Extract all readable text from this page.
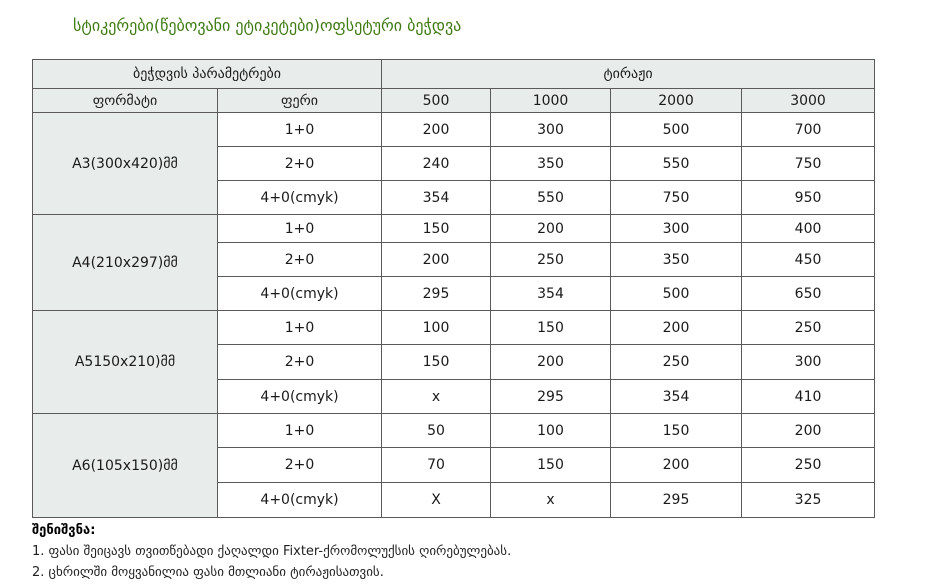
სტიკერები(წებოვანი ეტიკეტები)ოფსეტური ბეჭდვა
ბეჭდვის პარამეტრები		ტირაჟი			
ფორმატი	ფერი	500	1000	2000	3000
A3(300x420)მმ	1+0	200	300	500	700
	2+0	240	350	550	750
	4+0(cmyk)	354	550	750	950
A4(210x297)მმ	1+0	150	200	300	400
	2+0	200	250	350	450
	4+0(cmyk)	295	354	500	650
A5150x210)მმ	1+0	100	150	200	250
	2+0	150	200	250	300
	4+0(cmyk)	x	295	354	410
A6(105x150)მმ	1+0	50	100	150	200
	2+0	70	150	200	250
	4+0(cmyk)	X	x	295	325
შენიშვნა:
1. ფასი შეიცავს თვითწებადი ქაღალდი Fixter-ქრომოლუქსის ღირებულებას.
2. ცხრილში მოყვანილია ფასი მთლიანი ტირაჟისათვის.
